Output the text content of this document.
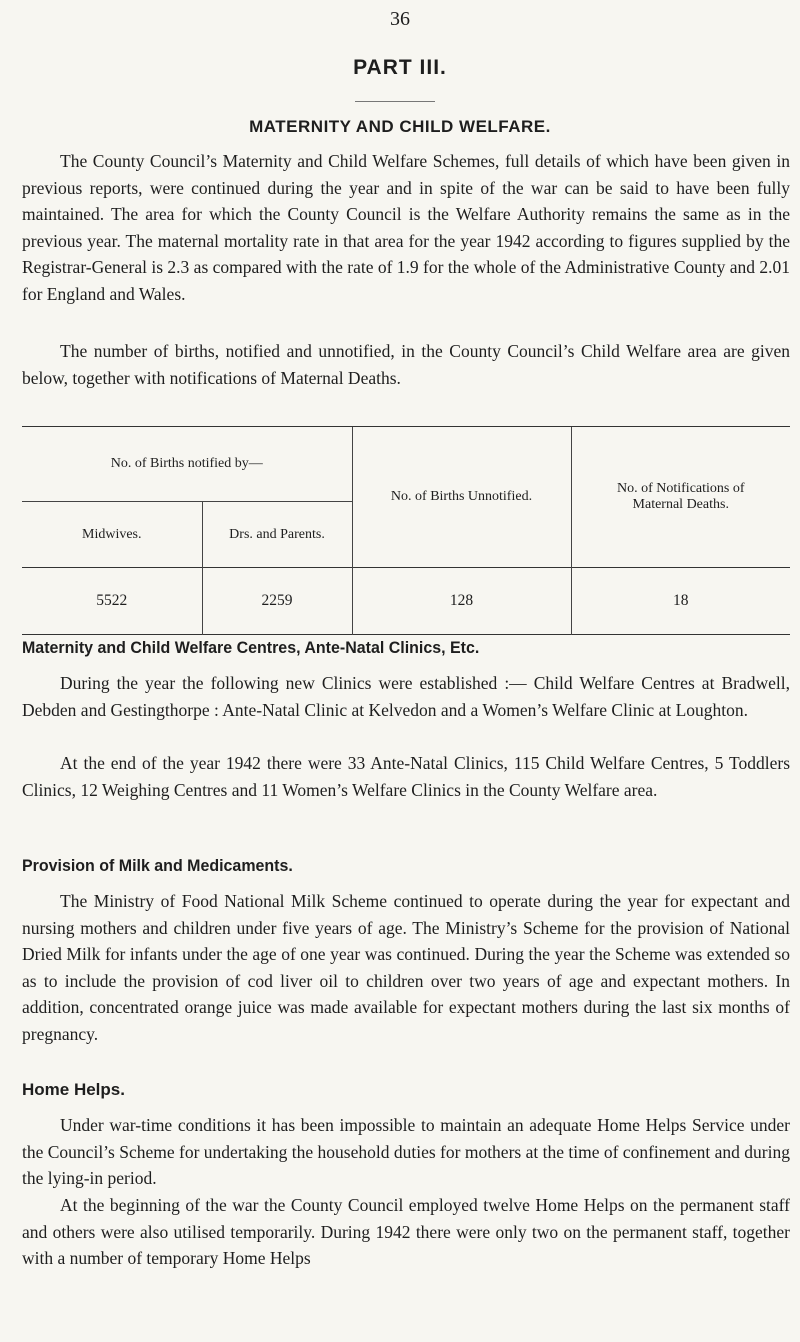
36
PART III.
MATERNITY AND CHILD WELFARE.

The County Council’s Maternity and Child Welfare Schemes, full details of which have been given in previous reports, were continued during the year and in spite of the war can be said to have been fully maintained. The area for which the County Council is the Welfare Authority remains the same as in the previous year. The maternal mortality rate in that area for the year 1942 according to figures supplied by the Registrar-General is 2.3 as compared with the rate of 1.9 for the whole of the Administrative County and 2.01 for England and Wales.

The number of births, notified and unnotified, in the County Council’s Child Welfare area are given below, together with notifications of Maternal Deaths.

No. of Births notified by—		No. of Births Unnotified.	No. of Notifications of Maternal Deaths.
Midwives.	Drs. and Parents.		
5522	2259	128	18

Maternity and Child Welfare Centres, Ante-Natal Clinics, Etc.

During the year the following new Clinics were established :— Child Welfare Centres at Bradwell, Debden and Gestingthorpe : Ante-Natal Clinic at Kelvedon and a Women’s Welfare Clinic at Loughton.

At the end of the year 1942 there were 33 Ante-Natal Clinics, 115 Child Welfare Centres, 5 Toddlers Clinics, 12 Weighing Centres and 11 Women’s Welfare Clinics in the County Welfare area.

Provision of Milk and Medicaments.

The Ministry of Food National Milk Scheme continued to operate during the year for expectant and nursing mothers and children under five years of age. The Ministry’s Scheme for the provision of National Dried Milk for infants under the age of one year was continued. During the year the Scheme was extended so as to include the provision of cod liver oil to children over two years of age and expectant mothers. In addition, concentrated orange juice was made available for expectant mothers during the last six months of pregnancy.

Home Helps.

Under war-time conditions it has been impossible to maintain an adequate Home Helps Service under the Council’s Scheme for undertaking the household duties for mothers at the time of confinement and during the lying-in period.

At the beginning of the war the County Council employed twelve Home Helps on the permanent staff and others were also utilised temporarily. During 1942 there were only two on the permanent staff, together with a number of temporary Home Helps
